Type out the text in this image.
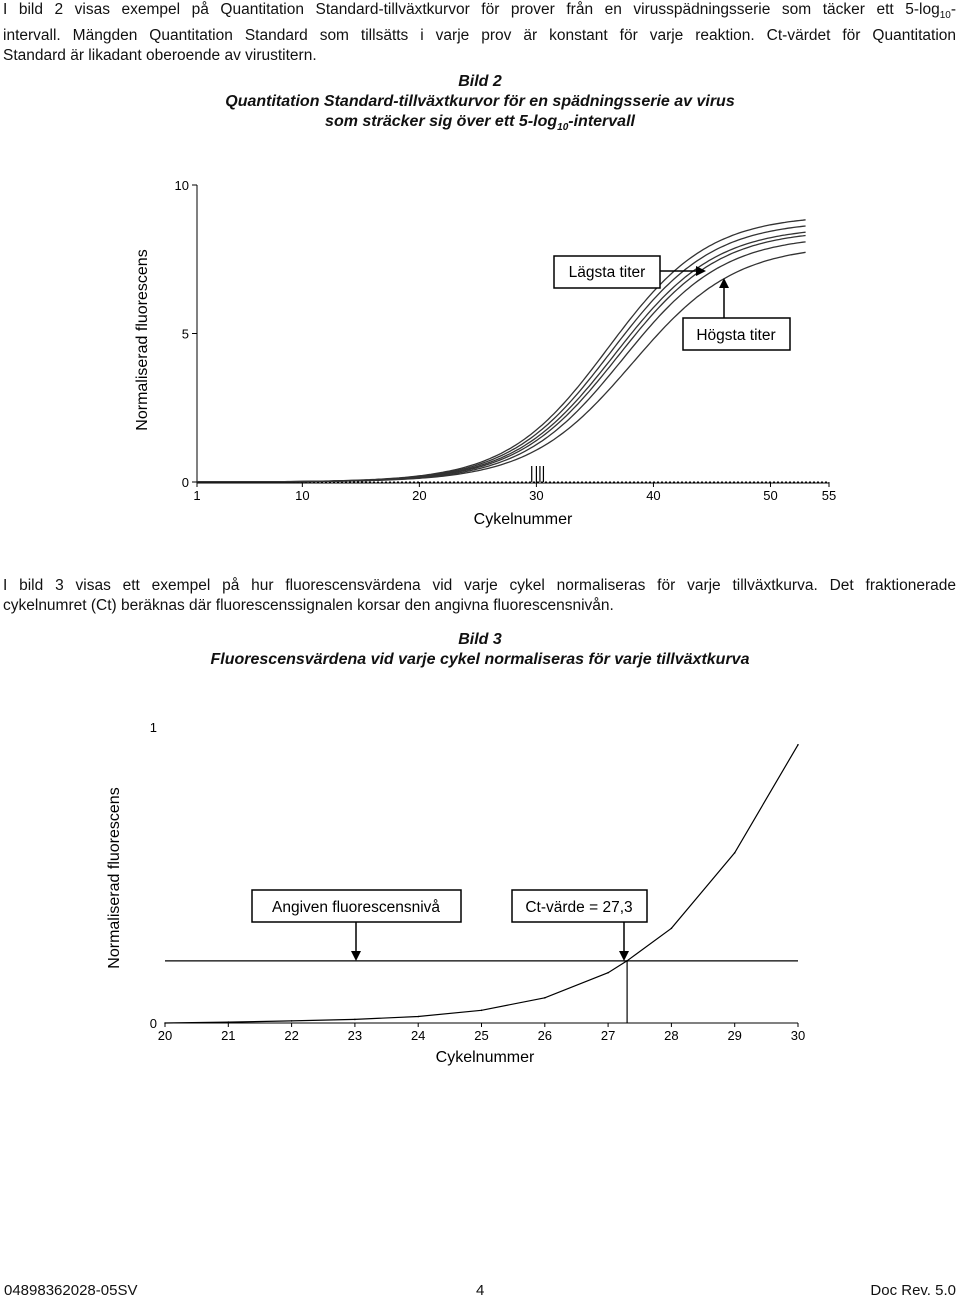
I bild 2 visas exempel på Quantitation Standard-tillväxtkurvor för prover från en virusspädningsserie som täcker ett $5-\log_{10}-$
intervall. Mängden Quantitation Standard som tillsätts i varje prov är konstant för varje reaktion. Ct-värdet för Quantitation
Standard är likadant oberoende av virustitern.
Bild 2
Quantitation Standard-tillväxtkurvor för en spädningsserie av virus
som sträcker sig över ett $5-\log_{10}$-intervall
0
5
10
1	10	20	30	40	50	55
Normaliserad fluorescens
Cykelnummer
Lägsta titer
Högsta titer
I bild 3 visas ett exempel på hur fluorescensvärdena vid varje cykel normaliseras för varje tillväxtkurva. Det fraktionerade
cykelnumret (Ct) beräknas där fluorescenssignalen korsar den angivna fluorescensnivån.
Bild 3
Fluorescensvärdena vid varje cykel normaliseras för varje tillväxtkurva
0
1
20	21	22	23	24	25	26	27	28	29	30
Normaliserad fluorescens
Cykelnummer
Angiven fluorescensnivå	Ct-värde = 27,3
04898362028-05SV	4	Doc Rev. 5.0
